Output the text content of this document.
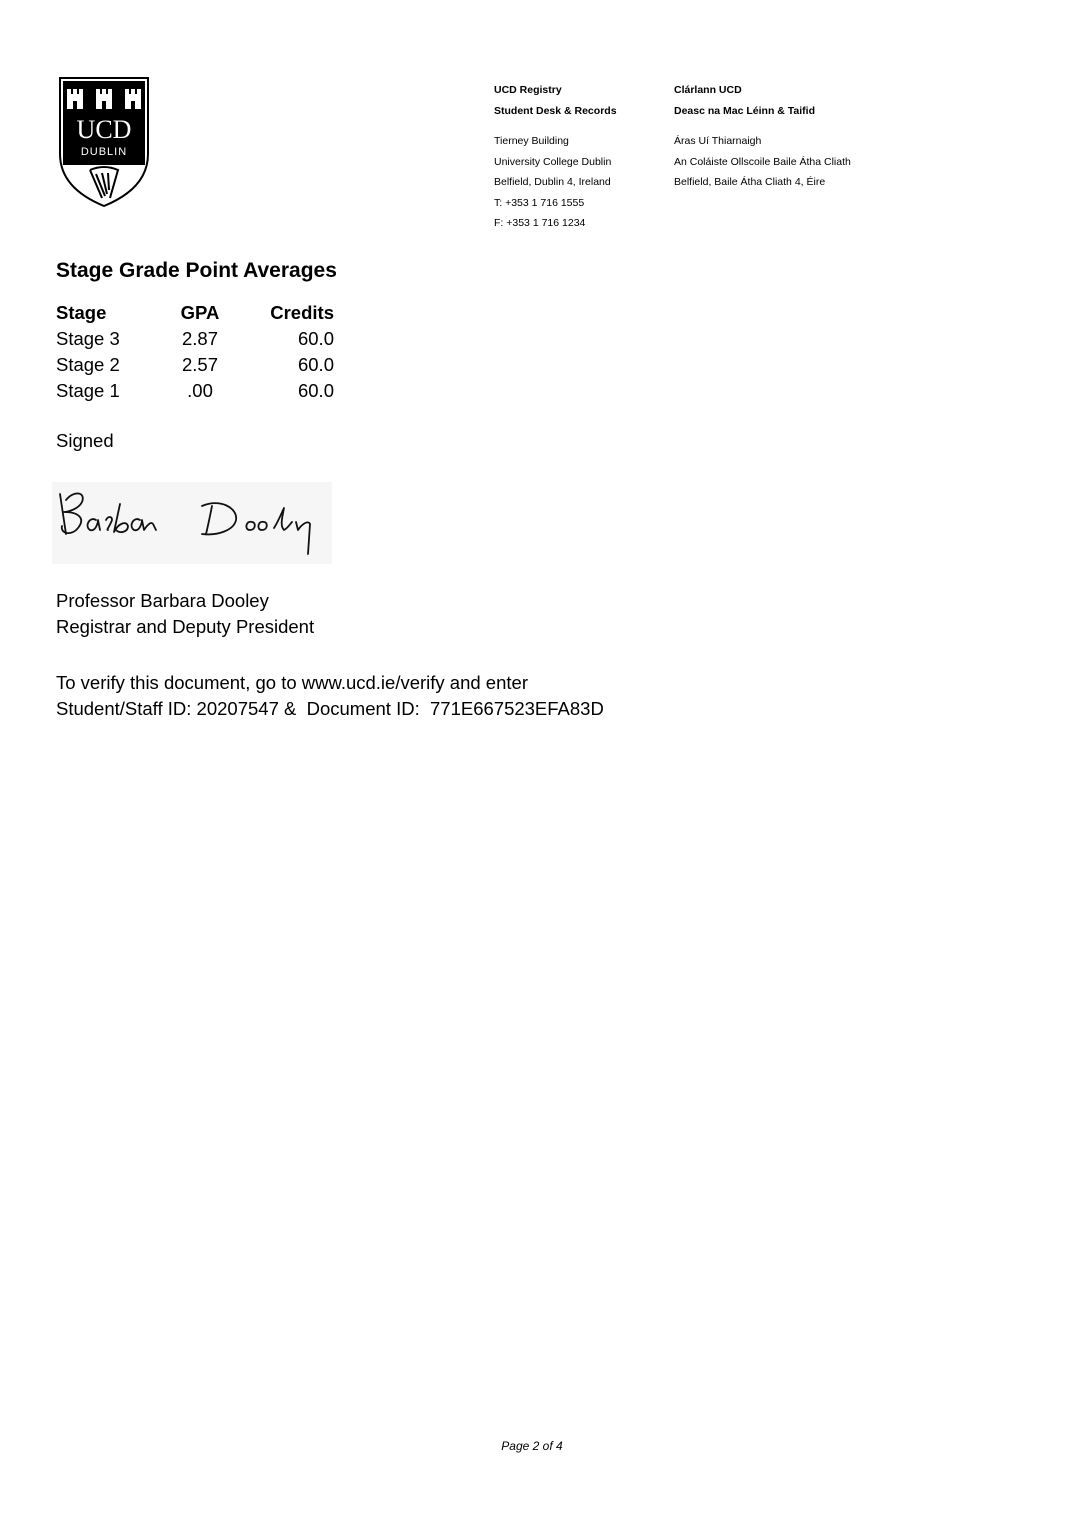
UCD
DUBLIN
UCD Registry
Student Desk & Records
Tierney Building
University College Dublin
Belfield, Dublin 4, Ireland
T: +353 1 716 1555
F: +353 1 716 1234
Clárlann UCD
Deasc na Mac Léinn & Taifid
Áras Uí Thiarnaigh
An Coláiste Ollscoile Baile Átha Cliath
Belfield, Baile Átha Cliath 4, Éire
Stage Grade Point Averages
Stage	GPA	Credits
Stage 3	2.87	60.0
Stage 2	2.57	60.0
Stage 1	.00	60.0
Signed
Professor Barbara Dooley
Registrar and Deputy President
To verify this document, go to www.ucd.ie/verify and enter
Student/Staff ID: 20207547 &  Document ID:  771E667523EFA83D
Page 2 of 4
